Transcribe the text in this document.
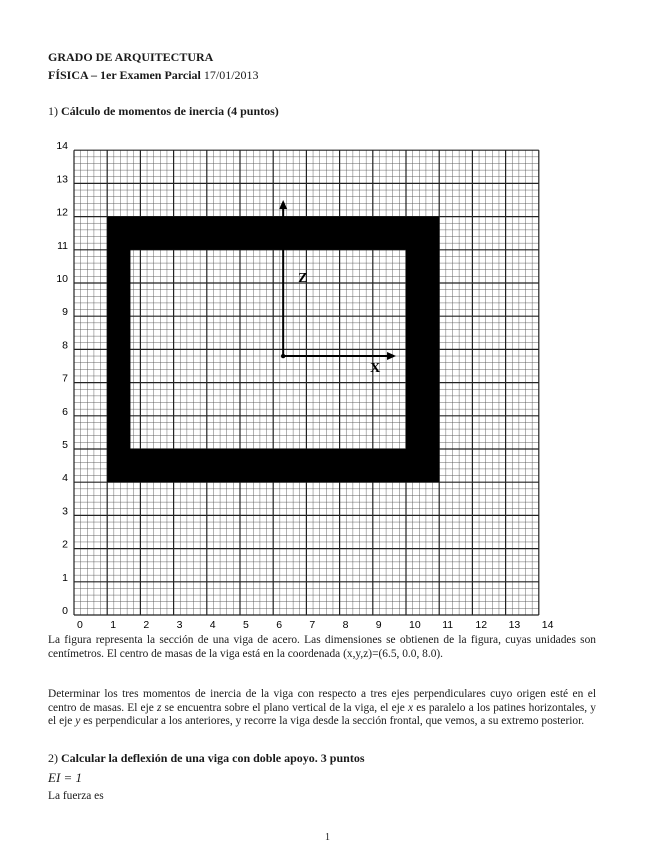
GRADO DE ARQUITECTURA
FÍSICA – 1er Examen Parcial 17/01/2013
1) Cálculo de momentos de inercia (4 puntos)
Z
X
0	1	2	3	4	5	6	7	8	9	10 11 12 13 14
0
1
2
3
4
5
6
7
8
9
10
11
12
13
14
La figura representa la sección de una viga de acero. Las dimensiones se obtienen de la figura, cuyas unidades son centímetros. El centro de masas de la viga está en la coordenada (x,y,z)=(6.5, 0.0, 8.0).
Determinar los tres momentos de inercia de la viga con respecto a tres ejes perpendiculares cuyo origen esté en el centro de masas. El eje z se encuentra sobre el plano vertical de la viga, el eje x es paralelo a los patines horizontales, y el eje y es perpendicular a los anteriores, y recorre la viga desde la sección frontal, que vemos, a su extremo posterior.
2) Calcular la deflexión de una viga con doble apoyo. 3 puntos
EI = 1
La fuerza es
1
